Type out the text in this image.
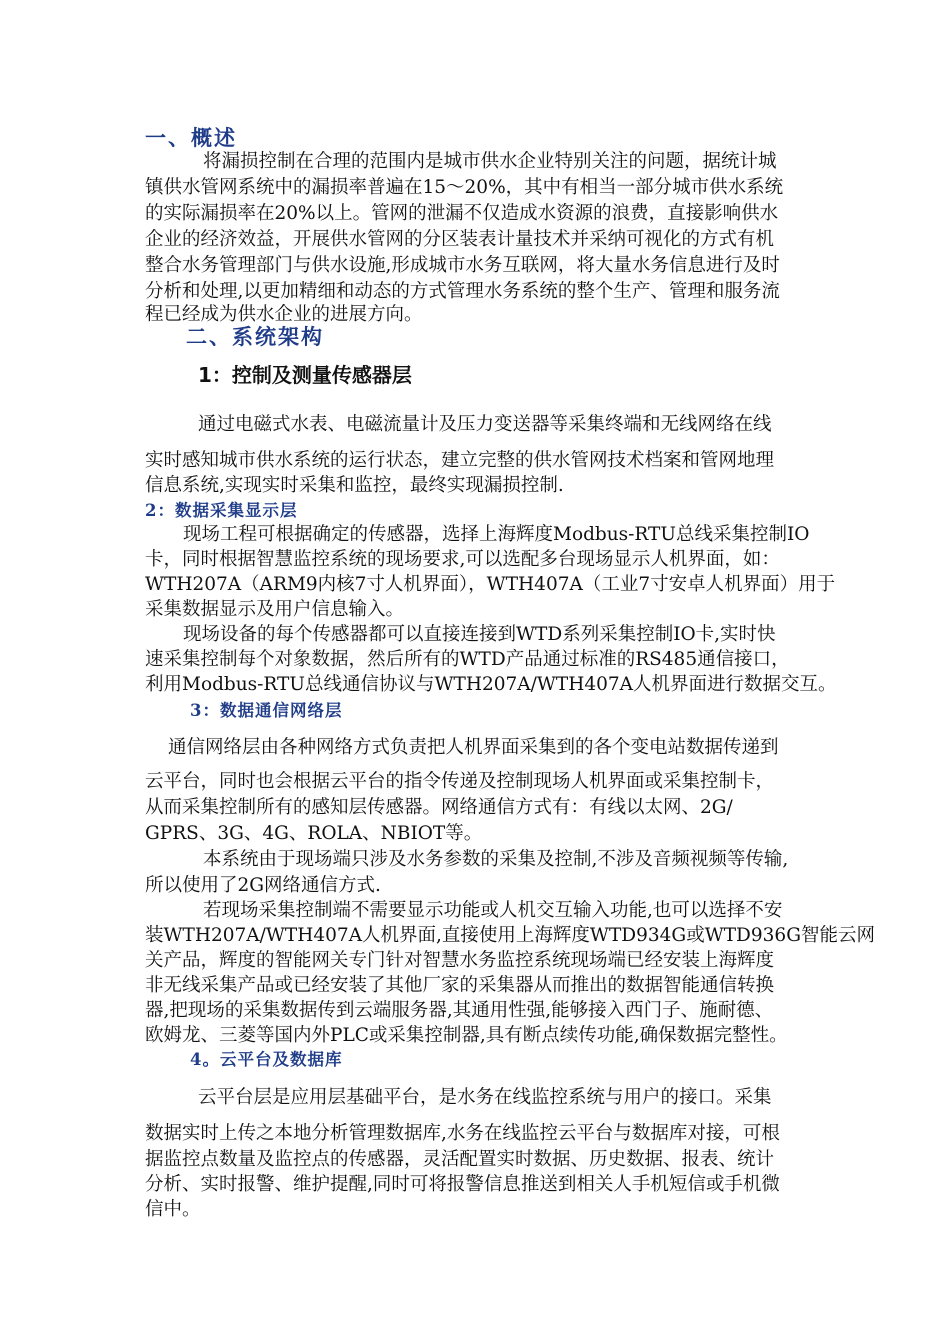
一、概述
将漏损控制在合理的范围内是城市供水企业特别关注的问题，据统计城
镇供水管网系统中的漏损率普遍在15～20%，其中有相当一部分城市供水系统
的实际漏损率在20%以上。管网的泄漏不仅造成水资源的浪费，直接影响供水
企业的经济效益，开展供水管网的分区装表计量技术并采纳可视化的方式有机
整合水务管理部门与供水设施,形成城市水务互联网，将大量水务信息进行及时
分析和处理,以更加精细和动态的方式管理水务系统的整个生产、管理和服务流
程已经成为供水企业的进展方向。
二、系统架构
1：控制及测量传感器层
通过电磁式水表、电磁流量计及压力变送器等采集终端和无线网络在线
实时感知城市供水系统的运行状态，建立完整的供水管网技术档案和管网地理
信息系统,实现实时采集和监控，最终实现漏损控制.
2：数据采集显示层
现场工程可根据确定的传感器，选择上海辉度Modbus-RTU总线采集控制IO
卡，同时根据智慧监控系统的现场要求,可以选配多台现场显示人机界面，如：
WTH207A（ARM9内核7寸人机界面），WTH407A（工业7寸安卓人机界面）用于
采集数据显示及用户信息输入。
现场设备的每个传感器都可以直接连接到WTD系列采集控制IO卡,实时快
速采集控制每个对象数据，然后所有的WTD产品通过标准的RS485通信接口，
利用Modbus-RTU总线通信协议与WTH207A/WTH407A人机界面进行数据交互。
3：数据通信网络层
通信网络层由各种网络方式负责把人机界面采集到的各个变电站数据传递到
云平台，同时也会根据云平台的指令传递及控制现场人机界面或采集控制卡，
从而采集控制所有的感知层传感器。网络通信方式有：有线以太网、2G/
GPRS、3G、4G、ROLA、NBIOT等。
本系统由于现场端只涉及水务参数的采集及控制,不涉及音频视频等传输,
所以使用了2G网络通信方式.
若现场采集控制端不需要显示功能或人机交互输入功能,也可以选择不安
装WTH207A/WTH407A人机界面,直接使用上海辉度WTD934G或WTD936G智能云网
关产品，辉度的智能网关专门针对智慧水务监控系统现场端已经安装上海辉度
非无线采集产品或已经安装了其他厂家的采集器从而推出的数据智能通信转换
器,把现场的采集数据传到云端服务器,其通用性强,能够接入西门子、施耐德、
欧姆龙、三菱等国内外PLC或采集控制器,具有断点续传功能,确保数据完整性。
4。云平台及数据库
云平台层是应用层基础平台，是水务在线监控系统与用户的接口。采集
数据实时上传之本地分析管理数据库,水务在线监控云平台与数据库对接，可根
据监控点数量及监控点的传感器，灵活配置实时数据、历史数据、报表、统计
分析、实时报警、维护提醒,同时可将报警信息推送到相关人手机短信或手机微
信中。
